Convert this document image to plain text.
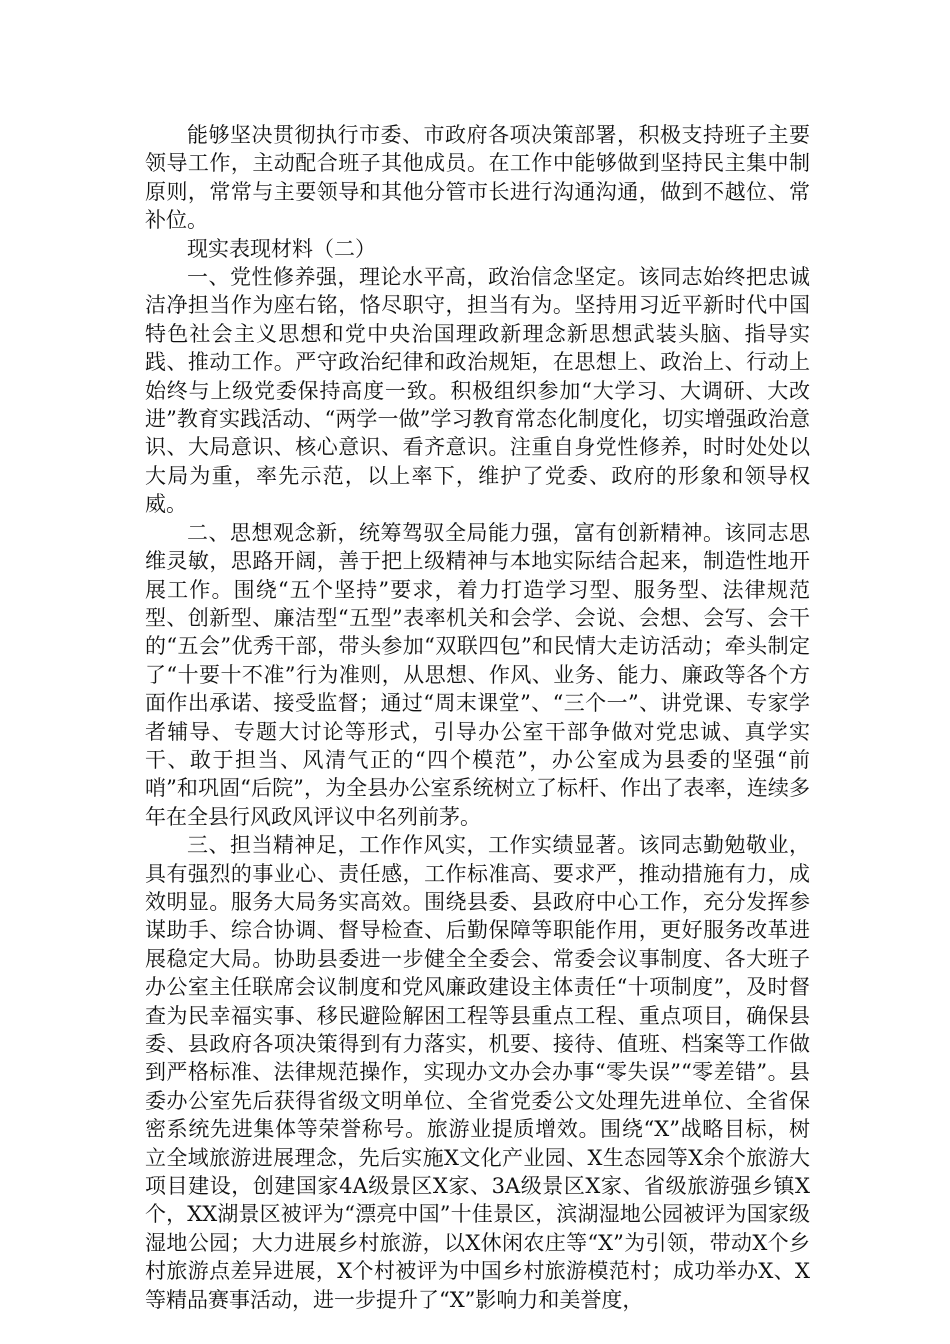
能够坚决贯彻执行市委、市政府各项决策部署，积极支持班子主要领导工作，主动配合班子其他成员。在工作中能够做到坚持民主集中制原则，常常与主要领导和其他分管市长进行沟通沟通，做到不越位、常补位。

现实表现材料（二）

一、党性修养强，理论水平高，政治信念坚定。该同志始终把忠诚洁净担当作为座右铭，恪尽职守，担当有为。坚持用习近平新时代中国特色社会主义思想和党中央治国理政新理念新思想武装头脑、指导实践、推动工作。严守政治纪律和政治规矩，在思想上、政治上、行动上始终与上级党委保持高度一致。积极组织参加“大学习、大调研、大改进”教育实践活动、“两学一做”学习教育常态化制度化，切实增强政治意识、大局意识、核心意识、看齐意识。注重自身党性修养，时时处处以大局为重，率先示范，以上率下，维护了党委、政府的形象和领导权威。

二、思想观念新，统筹驾驭全局能力强，富有创新精神。该同志思维灵敏，思路开阔，善于把上级精神与本地实际结合起来，制造性地开展工作。围绕“五个坚持”要求，着力打造学习型、服务型、法律规范型、创新型、廉洁型“五型”表率机关和会学、会说、会想、会写、会干的“五会”优秀干部，带头参加“双联四包”和民情大走访活动；牵头制定了“十要十不准”行为准则，从思想、作风、业务、能力、廉政等各个方面作出承诺、接受监督；通过“周末课堂”、“三个一”、讲党课、专家学者辅导、专题大讨论等形式，引导办公室干部争做对党忠诚、真学实干、敢于担当、风清气正的“四个模范”，办公室成为县委的坚强“前哨”和巩固“后院”，为全县办公室系统树立了标杆、作出了表率，连续多年在全县行风政风评议中名列前茅。

三、担当精神足，工作作风实，工作实绩显著。该同志勤勉敬业，具有强烈的事业心、责任感，工作标准高、要求严，推动措施有力，成效明显。服务大局务实高效。围绕县委、县政府中心工作，充分发挥参谋助手、综合协调、督导检查、后勤保障等职能作用，更好服务改革进展稳定大局。协助县委进一步健全全委会、常委会议事制度、各大班子办公室主任联席会议制度和党风廉政建设主体责任“十项制度”，及时督查为民幸福实事、移民避险解困工程等县重点工程、重点项目，确保县委、县政府各项决策得到有力落实，机要、接待、值班、档案等工作做到严格标准、法律规范操作，实现办文办会办事“零失误”“零差错”。县委办公室先后获得省级文明单位、全省党委公文处理先进单位、全省保密系统先进集体等荣誉称号。旅游业提质增效。围绕“X”战略目标，树立全域旅游进展理念，先后实施X文化产业园、X生态园等X余个旅游大项目建设，创建国家4A级景区X家、3A级景区X家、省级旅游强乡镇X个，XX湖景区被评为“漂亮中国”十佳景区，滨湖湿地公园被评为国家级湿地公园；大力进展乡村旅游，以X休闲农庄等“X”为引领，带动X个乡村旅游点差异进展，X个村被评为中国乡村旅游模范村；成功举办X、X等精品赛事活动，进一步提升了“X”影响力和美誉度，
